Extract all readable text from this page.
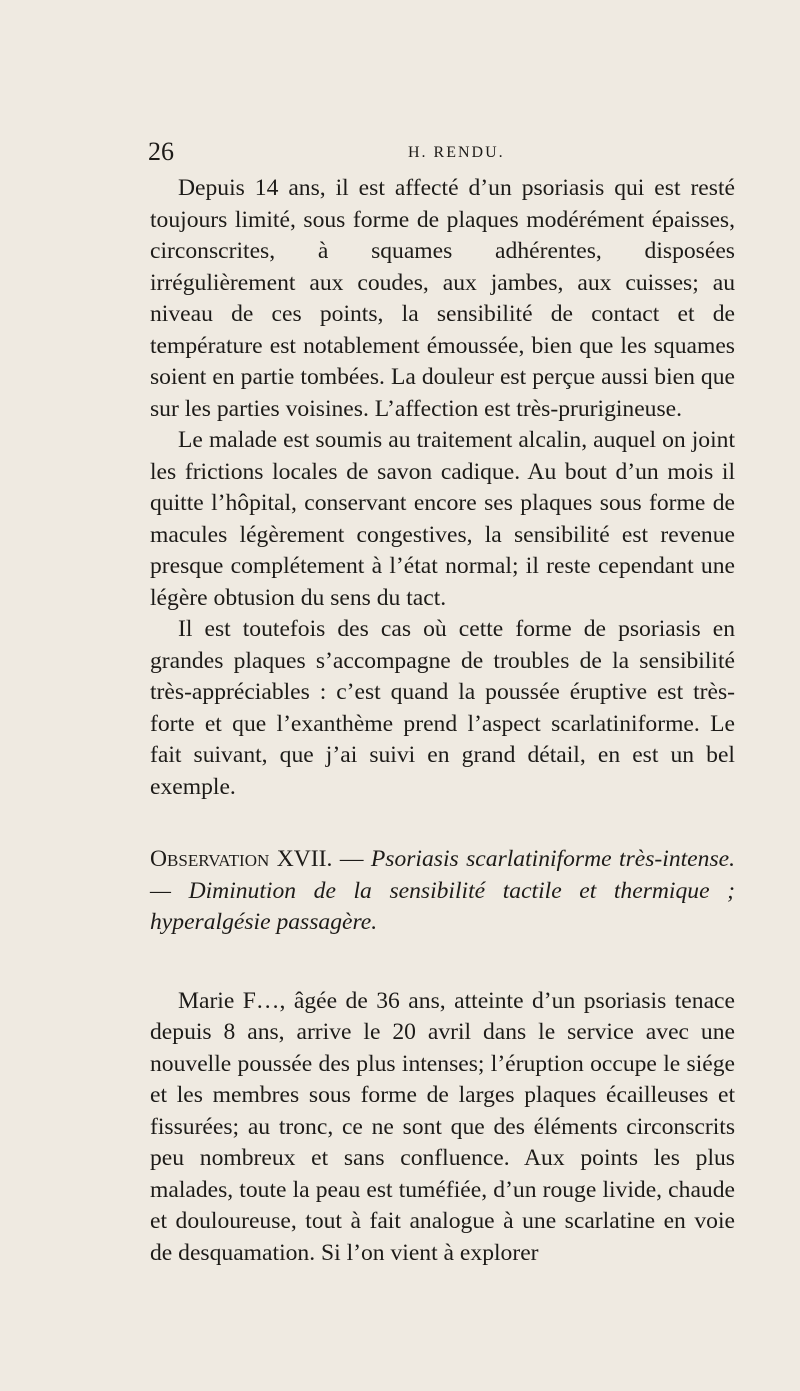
26	H. RENDU.

Depuis 14 ans, il est affecté d’un psoriasis qui est resté toujours limité, sous forme de plaques modérément épaisses, circonscrites, à squames adhérentes, disposées irrégulièrement aux coudes, aux jambes, aux cuisses; au niveau de ces points, la sensibilité de contact et de température est notablement émoussée, bien que les squames soient en partie tombées. La douleur est perçue aussi bien que sur les parties voisines. L’affection est très-prurigineuse.

Le malade est soumis au traitement alcalin, auquel on joint les frictions locales de savon cadique. Au bout d’un mois il quitte l’hôpital, conservant encore ses plaques sous forme de macules légèrement congestives, la sensibilité est revenue presque complétement à l’état normal; il reste cependant une légère obtusion du sens du tact.

Il est toutefois des cas où cette forme de psoriasis en grandes plaques s’accompagne de troubles de la sensibilité très-appréciables : c’est quand la poussée éruptive est très-forte et que l’exanthème prend l’aspect scarlatiniforme. Le fait suivant, que j’ai suivi en grand détail, en est un bel exemple.

Observation XVII. — Psoriasis scarlatiniforme très-intense. — Diminution de la sensibilité tactile et thermique ; hyperalgésie passagère.

Marie F…, âgée de 36 ans, atteinte d’un psoriasis tenace depuis 8 ans, arrive le 20 avril dans le service avec une nouvelle poussée des plus intenses; l’éruption occupe le siége et les membres sous forme de larges plaques écailleuses et fissurées; au tronc, ce ne sont que des éléments circonscrits peu nombreux et sans confluence. Aux points les plus malades, toute la peau est tuméfiée, d’un rouge livide, chaude et douloureuse, tout à fait analogue à une scarlatine en voie de desquamation. Si l’on vient à explorer
